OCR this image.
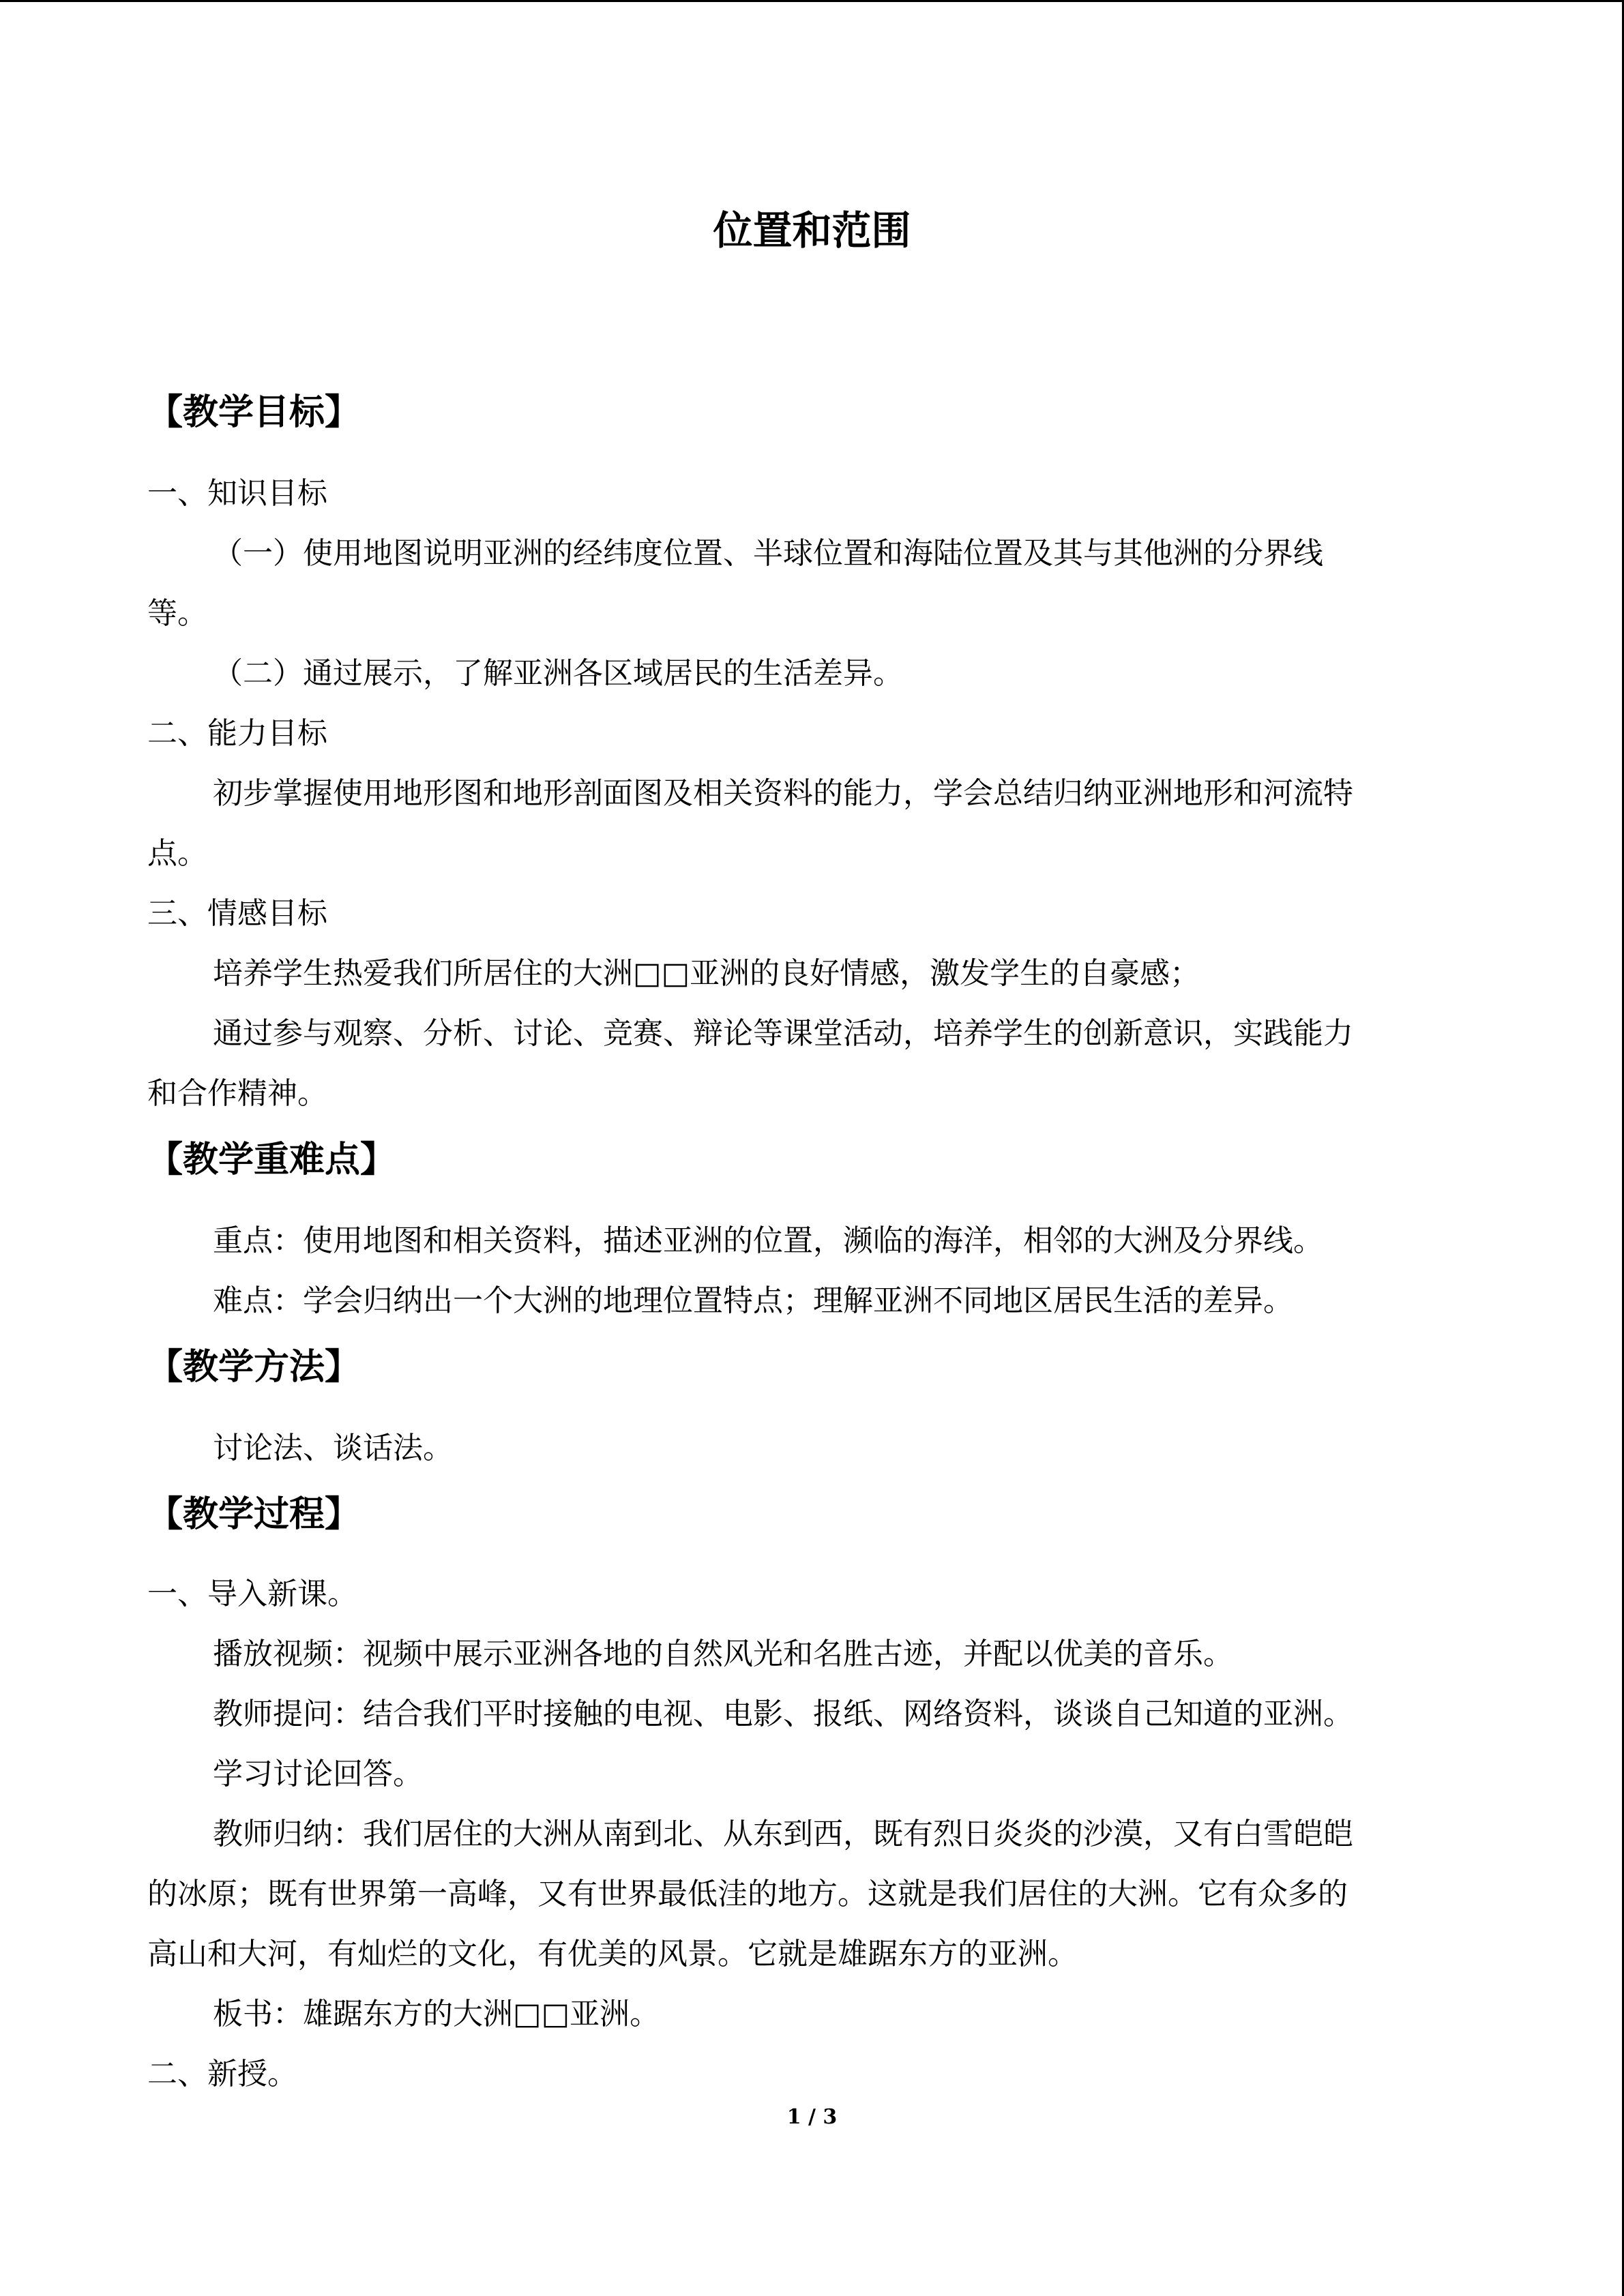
位置和范围
【教学目标】
一、知识目标
（一）使用地图说明亚洲的经纬度位置、半球位置和海陆位置及其与其他洲的分界线
等。
（二）通过展示，了解亚洲各区域居民的生活差异。
二、能力目标
初步掌握使用地形图和地形剖面图及相关资料的能力，学会总结归纳亚洲地形和河流特
点。
三、情感目标
培养学生热爱我们所居住的大洲□□亚洲的良好情感，激发学生的自豪感；
通过参与观察、分析、讨论、竞赛、辩论等课堂活动，培养学生的创新意识，实践能力
和合作精神。
【教学重难点】
重点：使用地图和相关资料，描述亚洲的位置，濒临的海洋，相邻的大洲及分界线。
难点：学会归纳出一个大洲的地理位置特点；理解亚洲不同地区居民生活的差异。
【教学方法】
讨论法、谈话法。
【教学过程】
一、导入新课。
播放视频：视频中展示亚洲各地的自然风光和名胜古迹，并配以优美的音乐。
教师提问：结合我们平时接触的电视、电影、报纸、网络资料，谈谈自己知道的亚洲。
学习讨论回答。
教师归纳：我们居住的大洲从南到北、从东到西，既有烈日炎炎的沙漠，又有白雪皑皑
的冰原；既有世界第一高峰，又有世界最低洼的地方。这就是我们居住的大洲。它有众多的
高山和大河，有灿烂的文化，有优美的风景。它就是雄踞东方的亚洲。
板书：雄踞东方的大洲□□亚洲。
二、新授。
1 / 3
